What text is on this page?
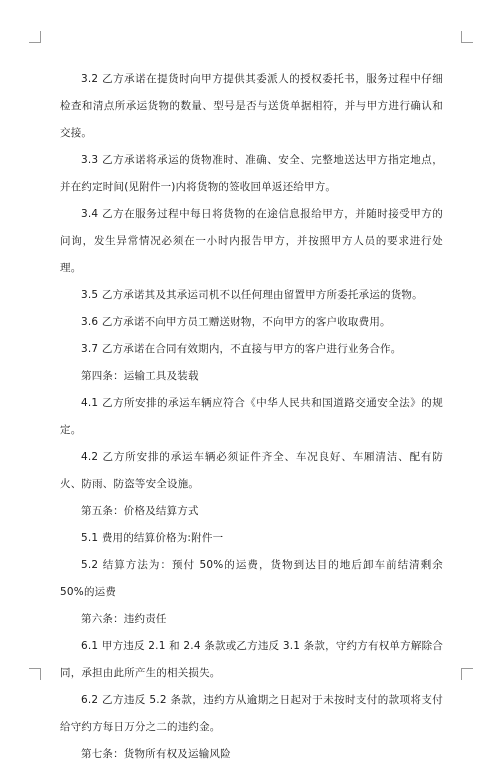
3.2 乙方承诺在提货时向甲方提供其委派人的授权委托书，服务过程中仔细检查和清点所承运货物的数量、型号是否与送货单据相符，并与甲方进行确认和交接。

3.3 乙方承诺将承运的货物准时、准确、安全、完整地送达甲方指定地点，并在约定时间(见附件一)内将货物的签收回单返还给甲方。

3.4 乙方在服务过程中每日将货物的在途信息报给甲方，并随时接受甲方的问询，发生异常情况必须在一小时内报告甲方，并按照甲方人员的要求进行处理。

3.5 乙方承诺其及其承运司机不以任何理由留置甲方所委托承运的货物。

3.6 乙方承诺不向甲方员工赠送财物，不向甲方的客户收取费用。

3.7 乙方承诺在合同有效期内，不直接与甲方的客户进行业务合作。

第四条：运输工具及装载

4.1 乙方所安排的承运车辆应符合《中华人民共和国道路交通安全法》的规定。

4.2 乙方所安排的承运车辆必须证件齐全、车况良好、车厢清洁、配有防火、防雨、防盗等安全设施。

第五条：价格及结算方式

5.1 费用的结算价格为:附件一

5.2 结算方法为：预付 50%的运费，货物到达目的地后卸车前结清剩余 50%的运费

第六条：违约责任

6.1 甲方违反 2.1 和 2.4 条款或乙方违反 3.1 条款，守约方有权单方解除合同，承担由此所产生的相关损失。

6.2 乙方违反 5.2 条款，违约方从逾期之日起对于未按时支付的款项将支付给守约方每日万分之二的违约金。

第七条：货物所有权及运输风险
